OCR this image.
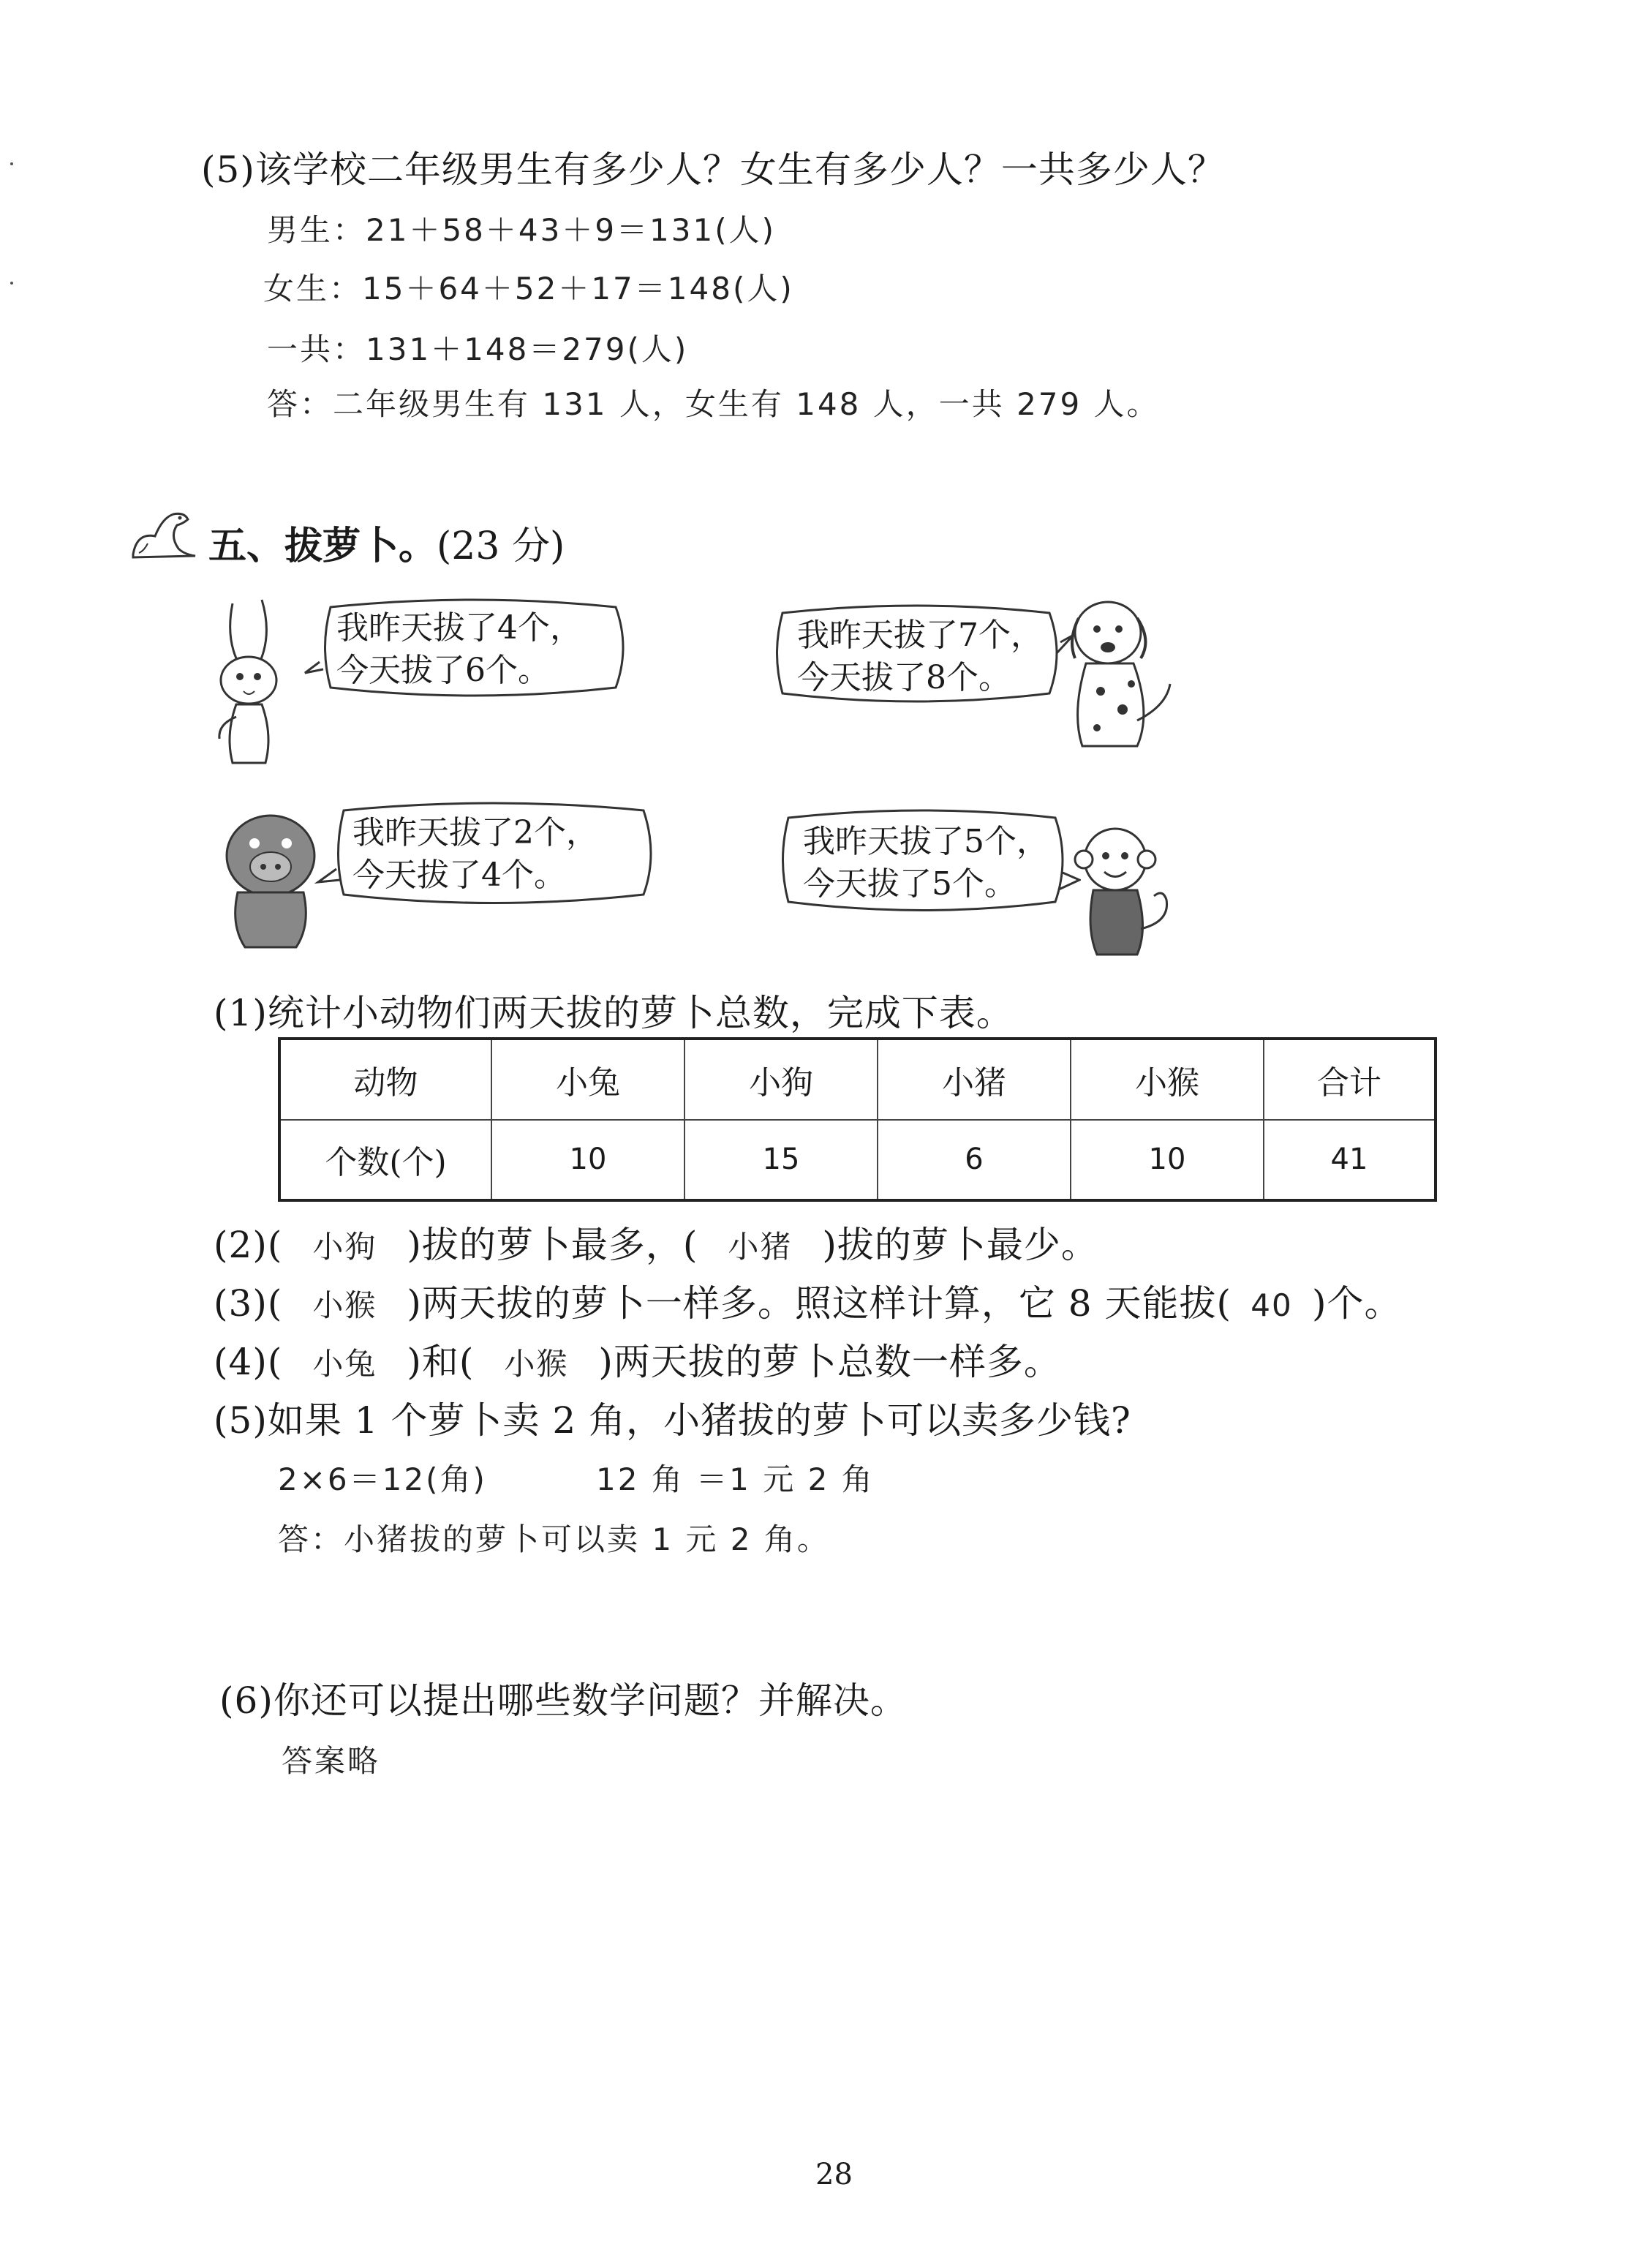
(5)该学校二年级男生有多少人？女生有多少人？一共多少人？
男生：21＋58＋43＋9＝131(人)
女生：15＋64＋52＋17＝148(人)
一共：131＋148＝279(人)
答：二年级男生有 131 人，女生有 148 人，一共 279 人。
五、拔萝卜。(23 分)
我昨天拔了4个，
今天拔了6个。
我昨天拔了7个，
今天拔了8个。
我昨天拔了2个，
今天拔了4个。
我昨天拔了5个，
今天拔了5个。
(1)统计小动物们两天拔的萝卜总数，完成下表。
动物	小兔	小狗	小猪	小猴	合计
个数(个)	10	15	6	10	41
(2)( 小狗 )拔的萝卜最多，( 小猪 )拔的萝卜最少。
(3)( 小猴 )两天拔的萝卜一样多。照这样计算，它 8 天能拔( 40 )个。
(4)( 小兔 )和( 小猴 )两天拔的萝卜总数一样多。
(5)如果 1 个萝卜卖 2 角，小猪拔的萝卜可以卖多少钱?
2×6＝12(角)	12 角 ＝1 元 2 角
答：小猪拔的萝卜可以卖 1 元 2 角。
(6)你还可以提出哪些数学问题？并解决。
答案略
28
